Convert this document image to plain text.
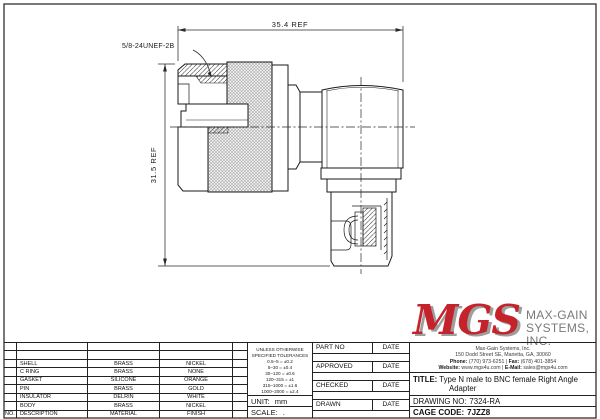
35.4 REF
31.5 REF
5/8-24UNEF-2B
MGS MAX-GAIN
SYSTEMS, INC.
SHELL	BRASS	NICKEL
C RING	BRASS	NONE
GASKET	SILICONE	ORANGE
PIN	BRASS	GOLD
INSULATOR	DELRIN	WHITE
BODY	BRASS	NICKEL
NO. DESCRIPTION	MATERIAL	FINISH
UNLESS OTHERWISE
SPECIFIED TOLERANCES
0.5–5 = ±0.2
5–30 = ±0.4
30–120 = ±0.6
120–315 = ±1
315–1000 = ±1.6
1000–2000 = ±2.4
UNIT: mm
SCALE: .
PART NO	DATE
APPROVED	DATE
CHECKED	DATE
DRAWN	DATE
Max-Gain Systems, Inc.
150 Dodd Street SE, Marietta, GA, 30060
Phone: (770) 973-6251 | Fax: (678) 401-3854
Website: www.mgs4u.com | E-Mail: sales@mgs4u.com
TITLE: Type N male to BNC female Right Angle
Adapter
DRAWING NO: 7324-RA
CAGE CODE: 7JZZ8
